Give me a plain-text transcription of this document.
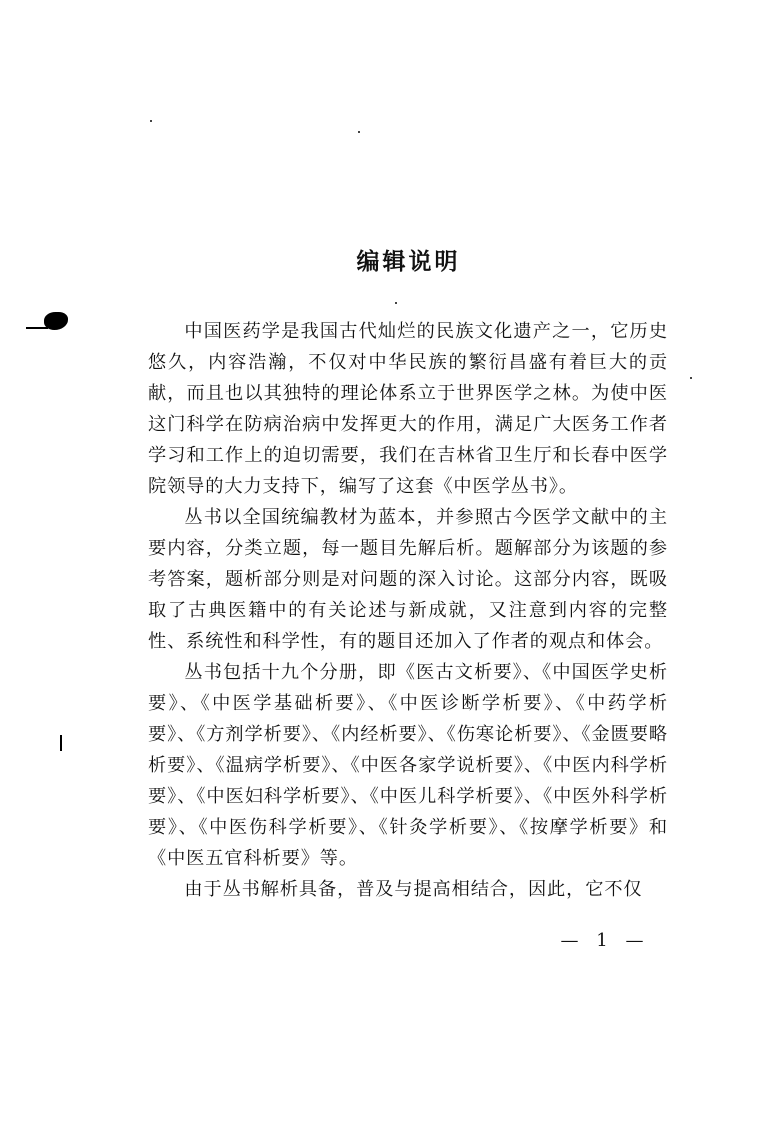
编辑说明

中国医药学是我国古代灿烂的民族文化遗产之一，它历史悠久，内容浩瀚，不仅对中华民族的繁衍昌盛有着巨大的贡献，而且也以其独特的理论体系立于世界医学之林。为使中医这门科学在防病治病中发挥更大的作用，满足广大医务工作者学习和工作上的迫切需要，我们在吉林省卫生厅和长春中医学院领导的大力支持下，编写了这套《中医学丛书》。

丛书以全国统编教材为蓝本，并参照古今医学文献中的主要内容，分类立题，每一题目先解后析。题解部分为该题的参考答案，题析部分则是对问题的深入讨论。这部分内容，既吸取了古典医籍中的有关论述与新成就，又注意到内容的完整性、系统性和科学性，有的题目还加入了作者的观点和体会。

丛书包括十九个分册，即《医古文析要》、《中国医学史析要》、《中医学基础析要》、《中医诊断学析要》、《中药学析要》、《方剂学析要》、《内经析要》、《伤寒论析要》、《金匮要略析要》、《温病学析要》、《中医各家学说析要》、《中医内科学析要》、《中医妇科学析要》、《中医儿科学析要》、《中医外科学析要》、《中医伤科学析要》、《针灸学析要》、《按摩学析要》和《中医五官科析要》等。

由于丛书解析具备，普及与提高相结合，因此，它不仅

— 1 —
